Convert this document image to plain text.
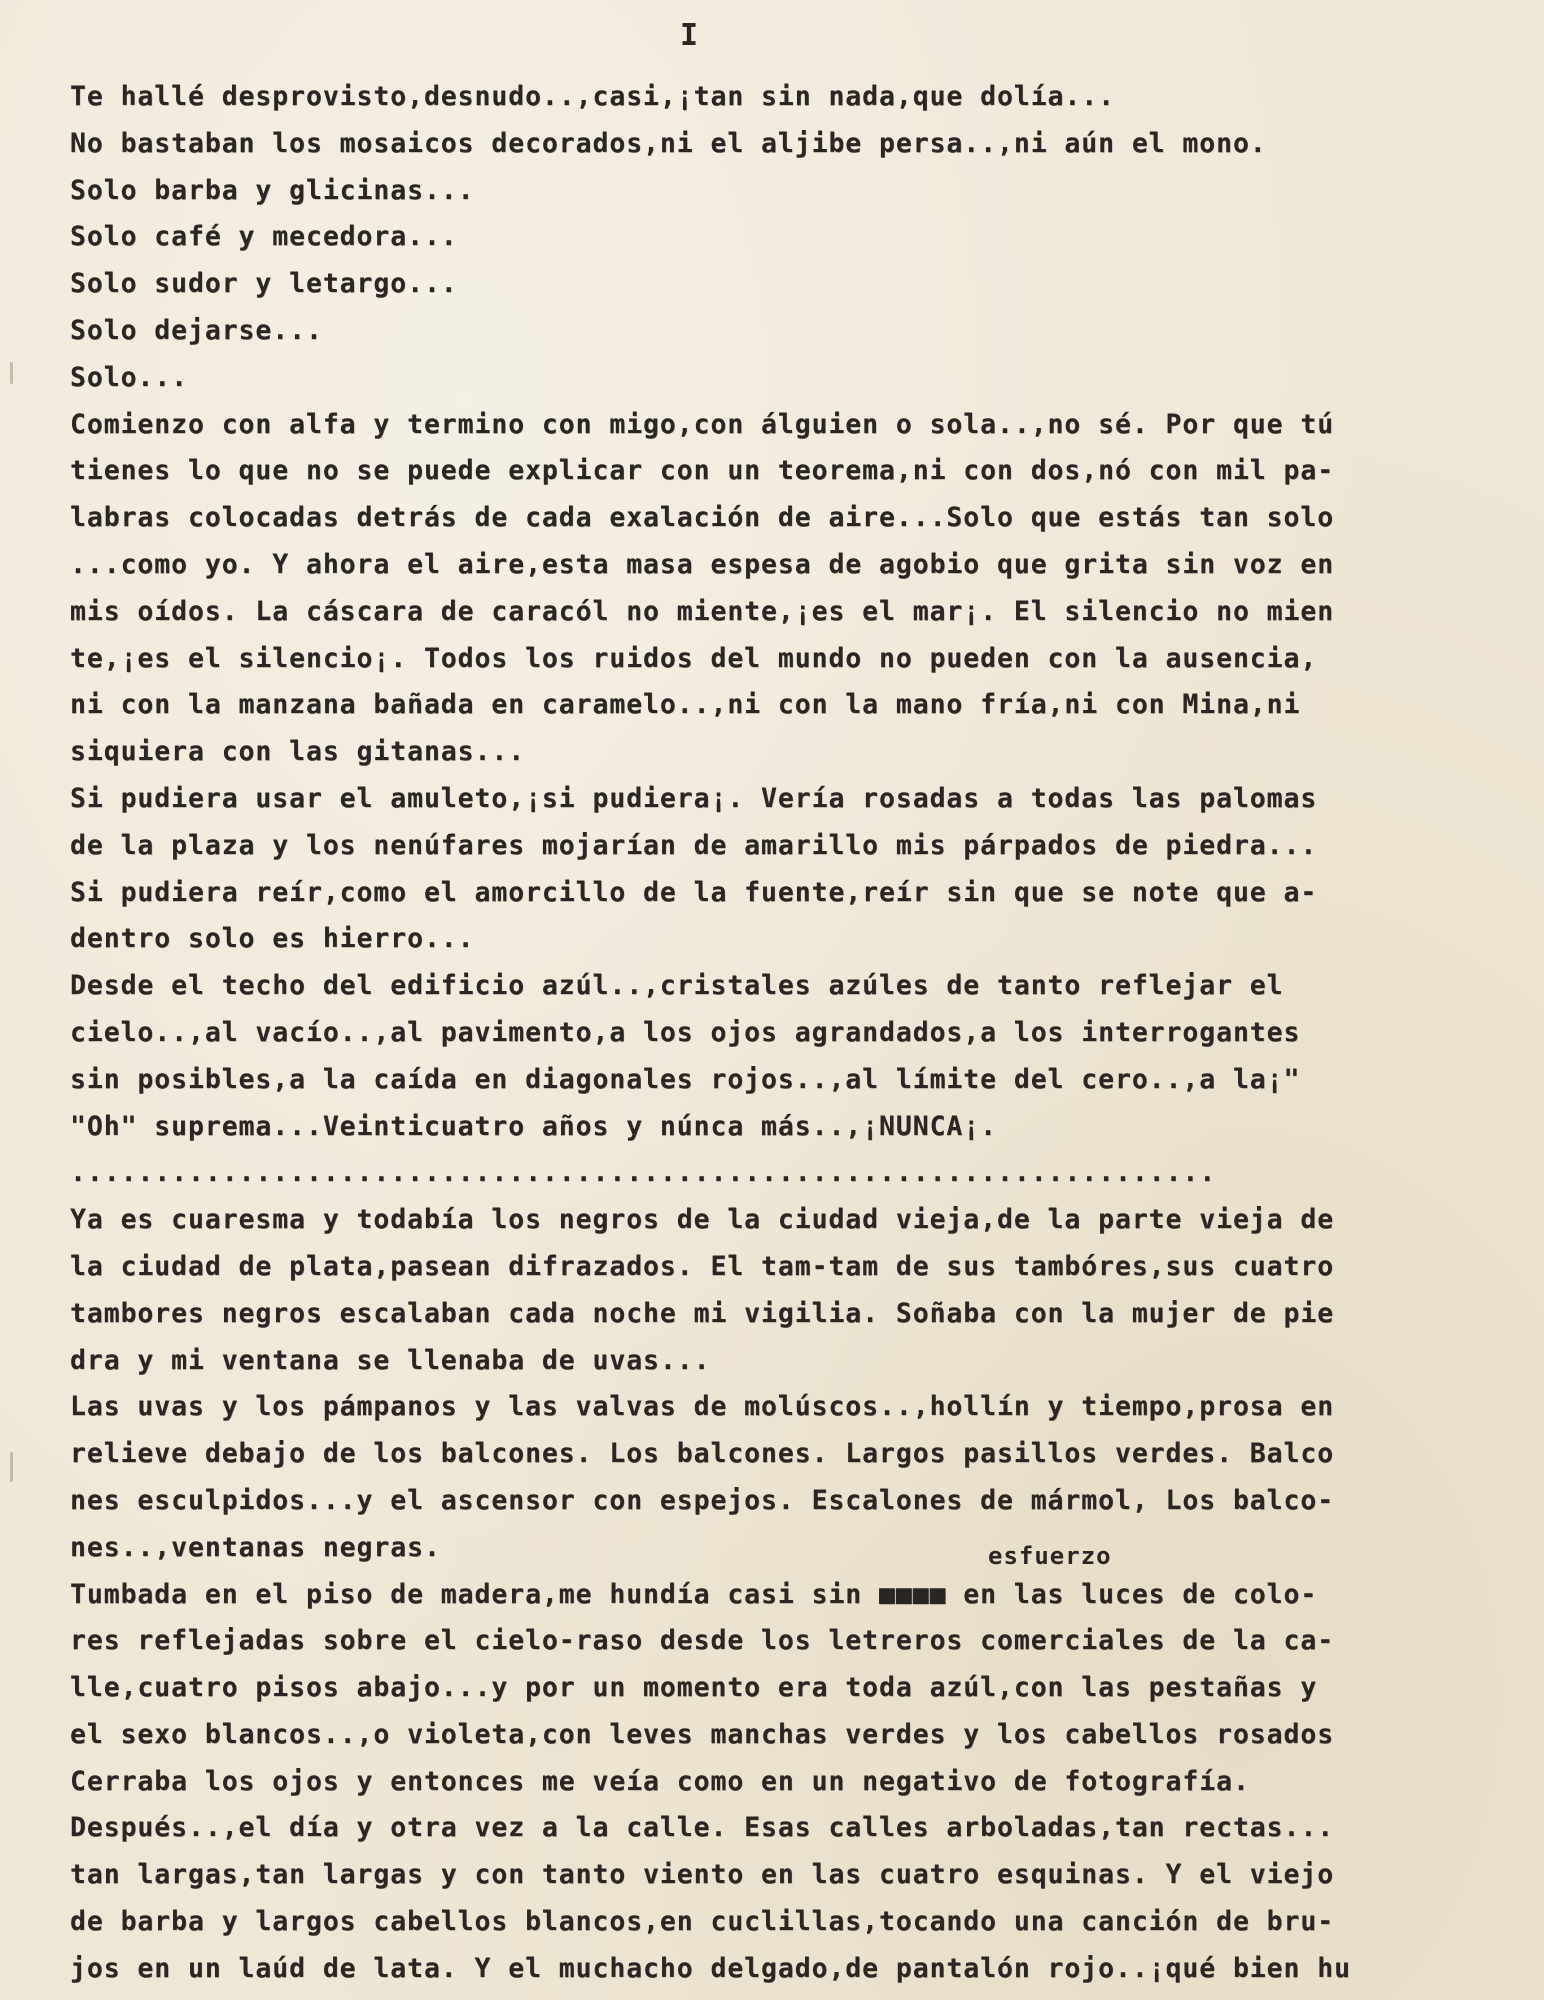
I
esfuerzo
Te hallé desprovisto,desnudo..,casi,¡tan sin nada,que dolía...
No bastaban los mosaicos decorados,ni el aljibe persa..,ni aún el mono.
Solo barba y glicinas...
Solo café y mecedora...
Solo sudor y letargo...
Solo dejarse...
Solo...
Comienzo con alfa y termino con migo,con álguien o sola..,no sé. Por que tú
tienes lo que no se puede explicar con un teorema,ni con dos,nó con mil pa-
labras colocadas detrás de cada exalación de aire...Solo que estás tan solo
...como yo. Y ahora el aire,esta masa espesa de agobio que grita sin voz en
mis oídos. La cáscara de caracól no miente,¡es el mar¡. El silencio no mien
te,¡es el silencio¡. Todos los ruidos del mundo no pueden con la ausencia,
ni con la manzana bañada en caramelo..,ni con la mano fría,ni con Mina,ni
siquiera con las gitanas...
Si pudiera usar el amuleto,¡si pudiera¡. Vería rosadas a todas las palomas
de la plaza y los nenúfares mojarían de amarillo mis párpados de piedra...
Si pudiera reír,como el amorcillo de la fuente,reír sin que se note que a-
dentro solo es hierro...
Desde el techo del edificio azúl..,cristales azúles de tanto reflejar el
cielo..,al vacío..,al pavimento,a los ojos agrandados,a los interrogantes
sin posibles,a la caída en diagonales rojos..,al límite del cero..,a la¡"
"Oh" suprema...Veinticuatro años y núnca más..,¡NUNCA¡.
....................................................................
Ya es cuaresma y todabía los negros de la ciudad vieja,de la parte vieja de
la ciudad de plata,pasean difrazados. El tam-tam de sus tambóres,sus cuatro
tambores negros escalaban cada noche mi vigilia. Soñaba con la mujer de pie
dra y mi ventana se llenaba de uvas...
Las uvas y los pámpanos y las valvas de molúscos..,hollín y tiempo,prosa en
relieve debajo de los balcones. Los balcones. Largos pasillos verdes. Balco
nes esculpidos...y el ascensor con espejos. Escalones de mármol, Los balco-
nes..,ventanas negras.
Tumbada en el piso de madera,me hundía casi sin ■■■■ en las luces de colo-
res reflejadas sobre el cielo-raso desde los letreros comerciales de la ca-
lle,cuatro pisos abajo...y por un momento era toda azúl,con las pestañas y
el sexo blancos..,o violeta,con leves manchas verdes y los cabellos rosados
Cerraba los ojos y entonces me veía como en un negativo de fotografía.
Después..,el día y otra vez a la calle. Esas calles arboladas,tan rectas...
tan largas,tan largas y con tanto viento en las cuatro esquinas. Y el viejo
de barba y largos cabellos blancos,en cuclillas,tocando una canción de bru-
jos en un laúd de lata. Y el muchacho delgado,de pantalón rojo..¡qué bien hu
